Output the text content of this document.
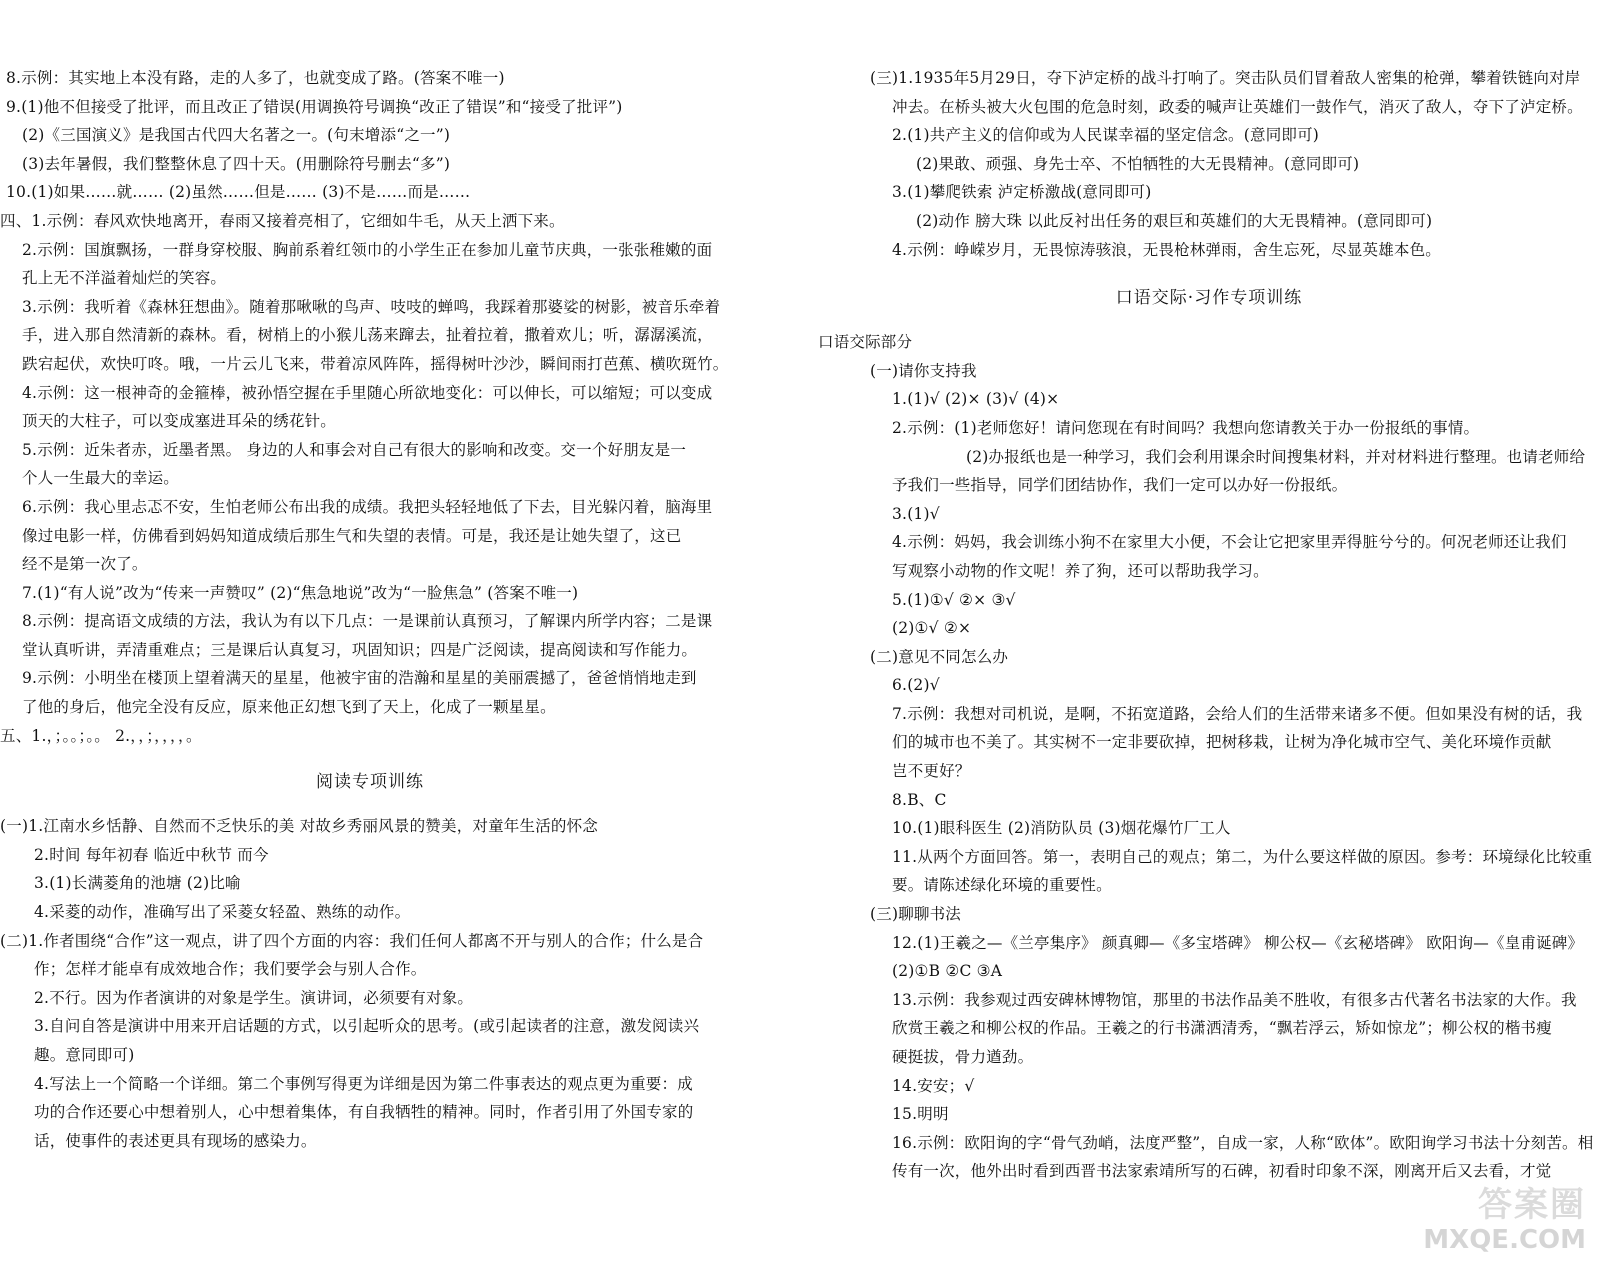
8.示例：其实地上本没有路，走的人多了，也就变成了路。(答案不唯一)
9.(1)他不但接受了批评，而且改正了错误(用调换符号调换“改正了错误”和“接受了批评”)
(2)《三国演义》是我国古代四大名著之一。(句末增添“之一”)
(3)去年暑假，我们整整休息了四十天。(用删除符号删去“多”)
10.(1)如果……就…… (2)虽然……但是…… (3)不是……而是……
四、1.示例：春风欢快地离开，春雨又接着亮相了，它细如牛毛，从天上洒下来。
2.示例：国旗飘扬，一群身穿校服、胸前系着红领巾的小学生正在参加儿童节庆典，一张张稚嫩的面
孔上无不洋溢着灿烂的笑容。
3.示例：我听着《森林狂想曲》。随着那啾啾的鸟声、吱吱的蝉鸣，我踩着那婆娑的树影，被音乐牵着
手，进入那自然清新的森林。看，树梢上的小猴儿荡来蹿去，扯着拉着，撒着欢儿；听，潺潺溪流，
跌宕起伏，欢快叮咚。哦，一片云儿飞来，带着凉风阵阵，摇得树叶沙沙，瞬间雨打芭蕉、横吹斑竹。
4.示例：这一根神奇的金箍棒，被孙悟空握在手里随心所欲地变化：可以伸长，可以缩短；可以变成
顶天的大柱子，可以变成塞进耳朵的绣花针。
5.示例：近朱者赤，近墨者黑。 身边的人和事会对自己有很大的影响和改变。交一个好朋友是一
个人一生最大的幸运。
6.示例：我心里忐忑不安，生怕老师公布出我的成绩。我把头轻轻地低了下去，目光躲闪着，脑海里
像过电影一样，仿佛看到妈妈知道成绩后那生气和失望的表情。可是，我还是让她失望了，这已
经不是第一次了。
7.(1)“有人说”改为“传来一声赞叹” (2)“焦急地说”改为“一脸焦急” (答案不唯一)
8.示例：提高语文成绩的方法，我认为有以下几点：一是课前认真预习，了解课内所学内容；二是课
堂认真听讲，弄清重难点；三是课后认真复习，巩固知识；四是广泛阅读，提高阅读和写作能力。
9.示例：小明坐在楼顶上望着满天的星星，他被宇宙的浩瀚和星星的美丽震撼了，爸爸悄悄地走到
了他的身后，他完全没有反应，原来他正幻想飞到了天上，化成了一颗星星。
五、1.，；。。；。。 2.，，；，，，，。
阅读专项训练
(一)1.江南水乡恬静、自然而不乏快乐的美 对故乡秀丽风景的赞美，对童年生活的怀念
2.时间 每年初春 临近中秋节 而今
3.(1)长满菱角的池塘 (2)比喻
4.采菱的动作，准确写出了采菱女轻盈、熟练的动作。
(二)1.作者围绕“合作”这一观点，讲了四个方面的内容：我们任何人都离不开与别人的合作；什么是合
作；怎样才能卓有成效地合作；我们要学会与别人合作。
2.不行。因为作者演讲的对象是学生。演讲词，必须要有对象。
3.自问自答是演讲中用来开启话题的方式，以引起听众的思考。(或引起读者的注意，激发阅读兴
趣。意同即可)
4.写法上一个简略一个详细。第二个事例写得更为详细是因为第二件事表达的观点更为重要：成
功的合作还要心中想着别人，心中想着集体，有自我牺牲的精神。同时，作者引用了外国专家的
话，使事件的表述更具有现场的感染力。
(三)1.1935年5月29日，夺下泸定桥的战斗打响了。突击队员们冒着敌人密集的枪弹，攀着铁链向对岸
冲去。在桥头被大火包围的危急时刻，政委的喊声让英雄们一鼓作气，消灭了敌人，夺下了泸定桥。
2.(1)共产主义的信仰或为人民谋幸福的坚定信念。(意同即可)
(2)果敢、顽强、身先士卒、不怕牺牲的大无畏精神。(意同即可)
3.(1)攀爬铁索 泸定桥激战(意同即可)
(2)动作 膀大珠 以此反衬出任务的艰巨和英雄们的大无畏精神。(意同即可)
4.示例：峥嵘岁月，无畏惊涛骇浪，无畏枪林弹雨，舍生忘死，尽显英雄本色。
口语交际·习作专项训练
口语交际部分
(一)请你支持我
1.(1)√ (2)× (3)√ (4)×
2.示例：(1)老师您好！请问您现在有时间吗？我想向您请教关于办一份报纸的事情。
(2)办报纸也是一种学习，我们会利用课余时间搜集材料，并对材料进行整理。也请老师给
予我们一些指导，同学们团结协作，我们一定可以办好一份报纸。
3.(1)√
4.示例：妈妈，我会训练小狗不在家里大小便，不会让它把家里弄得脏兮兮的。何况老师还让我们
写观察小动物的作文呢！养了狗，还可以帮助我学习。
5.(1)①√ ②× ③√
(2)①√ ②×
(二)意见不同怎么办
6.(2)√
7.示例：我想对司机说，是啊，不拓宽道路，会给人们的生活带来诸多不便。但如果没有树的话，我
们的城市也不美了。其实树不一定非要砍掉，把树移栽，让树为净化城市空气、美化环境作贡献
岂不更好？
8.B、C
10.(1)眼科医生 (2)消防队员 (3)烟花爆竹厂工人
11.从两个方面回答。第一，表明自己的观点；第二，为什么要这样做的原因。参考：环境绿化比较重
要。请陈述绿化环境的重要性。
(三)聊聊书法
12.(1)王羲之—《兰亭集序》 颜真卿—《多宝塔碑》 柳公权—《玄秘塔碑》 欧阳询—《皇甫诞碑》
(2)①B ②C ③A
13.示例：我参观过西安碑林博物馆，那里的书法作品美不胜收，有很多古代著名书法家的大作。我
欣赏王羲之和柳公权的作品。王羲之的行书潇洒清秀，“飘若浮云，矫如惊龙”；柳公权的楷书瘦
硬挺拔，骨力遒劲。
14.安安；√
15.明明
16.示例：欧阳询的字“骨气劲峭，法度严整”，自成一家，人称“欧体”。欧阳询学习书法十分刻苦。相
传有一次，他外出时看到西晋书法家索靖所写的石碑，初看时印象不深，刚离开后又去看，才觉
答案圈
MXQE.COM
